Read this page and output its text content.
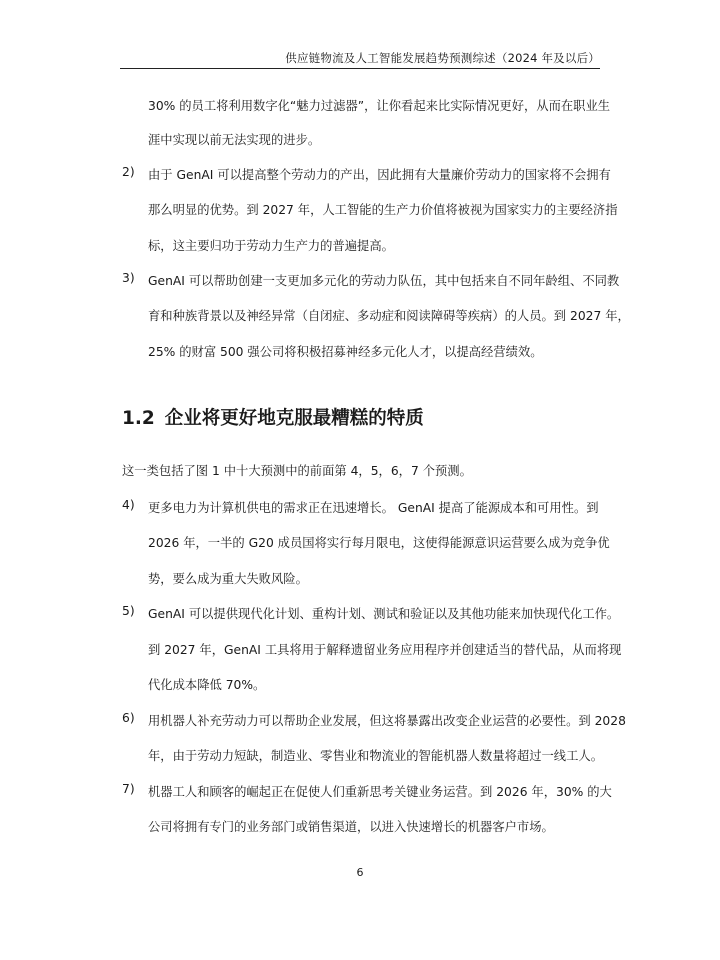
供应链物流及人工智能发展趋势预测综述（2024 年及以后）
30% 的员工将利用数字化“魅力过滤器”，让你看起来比实际情况更好，从而在职业生
涯中实现以前无法实现的进步。
2) 由于 GenAI 可以提高整个劳动力的产出，因此拥有大量廉价劳动力的国家将不会拥有
那么明显的优势。到 2027 年，人工智能的生产力价值将被视为国家实力的主要经济指
标，这主要归功于劳动力生产力的普遍提高。
3) GenAI 可以帮助创建一支更加多元化的劳动力队伍，其中包括来自不同年龄组、不同教
育和种族背景以及神经异常（自闭症、多动症和阅读障碍等疾病）的人员。到 2027 年，
25% 的财富 500 强公司将积极招募神经多元化人才，以提高经营绩效。
1.2 企业将更好地克服最糟糕的特质
这一类包括了图 1 中十大预测中的前面第 4，5，6，7 个预测。
4) 更多电力为计算机供电的需求正在迅速增长。 GenAI 提高了能源成本和可用性。到
2026 年，一半的 G20 成员国将实行每月限电，这使得能源意识运营要么成为竞争优
势，要么成为重大失败风险。
5) GenAI 可以提供现代化计划、重构计划、测试和验证以及其他功能来加快现代化工作。
到 2027 年，GenAI 工具将用于解释遗留业务应用程序并创建适当的替代品，从而将现
代化成本降低 70%。
6) 用机器人补充劳动力可以帮助企业发展，但这将暴露出改变企业运营的必要性。到 2028
年，由于劳动力短缺，制造业、零售业和物流业的智能机器人数量将超过一线工人。
7) 机器工人和顾客的崛起正在促使人们重新思考关键业务运营。到 2026 年，30% 的大
公司将拥有专门的业务部门或销售渠道，以进入快速增长的机器客户市场。
6
